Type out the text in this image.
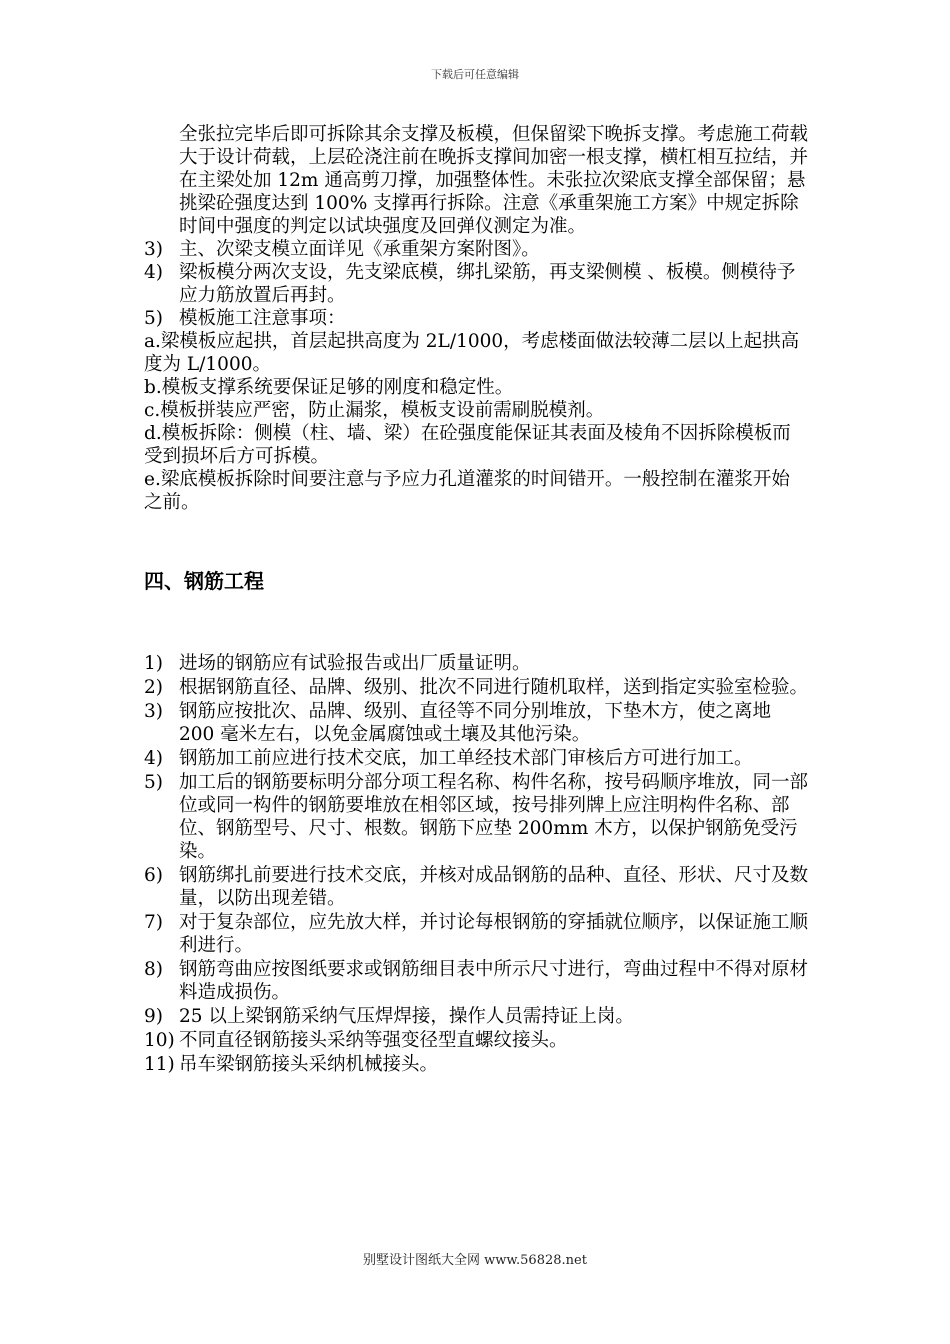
下载后可任意编辑

全张拉完毕后即可拆除其余支撑及板模，但保留梁下晚拆支撑。考虑施工荷载大于设计荷载，上层砼浇注前在晚拆支撑间加密一根支撑，横杠相互拉结，并在主梁处加 12m 通高剪刀撑，加强整体性。未张拉次梁底支撑全部保留；悬挑梁砼强度达到 100% 支撑再行拆除。注意《承重架施工方案》中规定拆除时间中强度的判定以试块强度及回弹仪测定为准。

3) 主、次梁支模立面详见《承重架方案附图》。
4) 梁板模分两次支设，先支梁底模，绑扎梁筋，再支梁侧模 、板模。侧模待予应力筋放置后再封。
5) 模板施工注意事项：

a.梁模板应起拱，首层起拱高度为 2L/1000，考虑楼面做法较薄二层以上起拱高度为 L/1000。

b.模板支撑系统要保证足够的刚度和稳定性。

c.模板拼装应严密，防止漏浆，模板支设前需刷脱模剂。

d.模板拆除：侧模（柱、墙、梁）在砼强度能保证其表面及棱角不因拆除模板而受到损坏后方可拆模。

e.梁底模板拆除时间要注意与予应力孔道灌浆的时间错开。一般控制在灌浆开始之前。

四、钢筋工程
1) 进场的钢筋应有试验报告或出厂质量证明。
2) 根据钢筋直径、品牌、级别、批次不同进行随机取样，送到指定实验室检验。
3) 钢筋应按批次、品牌、级别、直径等不同分别堆放，下垫木方，使之离地 200 毫米左右，以免金属腐蚀或土壤及其他污染。
4) 钢筋加工前应进行技术交底，加工单经技术部门审核后方可进行加工。
5) 加工后的钢筋要标明分部分项工程名称、构件名称，按号码顺序堆放，同一部位或同一构件的钢筋要堆放在相邻区域，按号排列牌上应注明构件名称、部位、钢筋型号、尺寸、根数。钢筋下应垫 200mm 木方，以保护钢筋免受污染。
6) 钢筋绑扎前要进行技术交底，并核对成品钢筋的品种、直径、形状、尺寸及数量，以防出现差错。
7) 对于复杂部位，应先放大样，并讨论每根钢筋的穿插就位顺序，以保证施工顺利进行。
8) 钢筋弯曲应按图纸要求或钢筋细目表中所示尺寸进行，弯曲过程中不得对原材料造成损伤。
9) 25 以上梁钢筋采纳气压焊焊接，操作人员需持证上岗。
10) 不同直径钢筋接头采纳等强变径型直螺纹接头。
11) 吊车梁钢筋接头采纳机械接头。
别墅设计图纸大全网 www.56828.net
